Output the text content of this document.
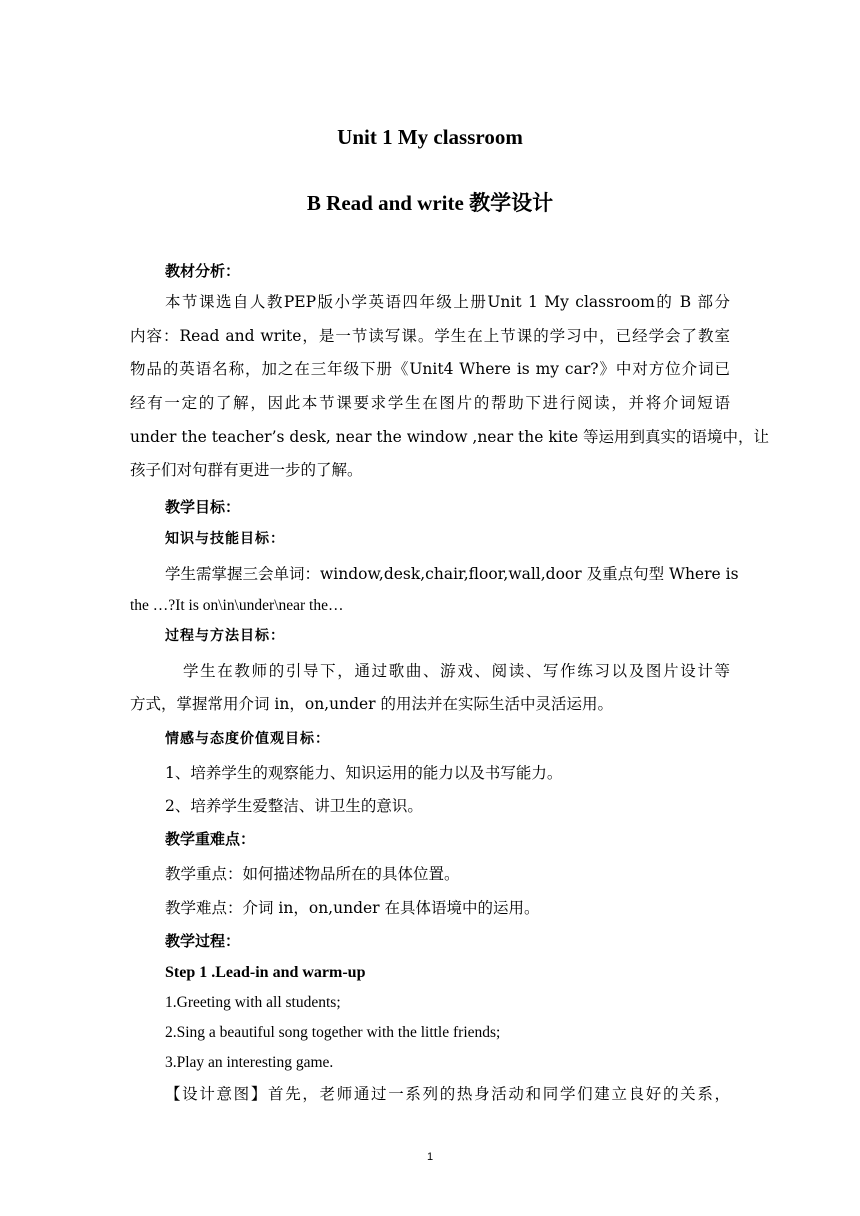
Unit 1 My classroom
B Read and write 教学设计
教材分析：
本节课选自人教PEP版小学英语四年级上册Unit 1 My classroom的 B 部分
内容：Read and write，是一节读写课。学生在上节课的学习中，已经学会了教室
物品的英语名称，加之在三年级下册《Unit4 Where is my car?》中对方位介词已
经有一定的了解，因此本节课要求学生在图片的帮助下进行阅读，并将介词短语
under the teacher’s desk, near the window ,near the kite 等运用到真实的语境中，让
孩子们对句群有更进一步的了解。
教学目标：
知识与技能目标：
学生需掌握三会单词：window,desk,chair,floor,wall,door 及重点句型 Where is
the …?It is on\in\under\near the…
过程与方法目标：
学生在教师的引导下，通过歌曲、游戏、阅读、写作练习以及图片设计等
方式，掌握常用介词 in，on,under 的用法并在实际生活中灵活运用。
情感与态度价值观目标：
1、培养学生的观察能力、知识运用的能力以及书写能力。
2、培养学生爱整洁、讲卫生的意识。
教学重难点：
教学重点：如何描述物品所在的具体位置。
教学难点：介词 in，on,under 在具体语境中的运用。
教学过程：
Step 1 .Lead-in and warm-up
1.Greeting with all students;
2.Sing a beautiful song together with the little friends;
3.Play an interesting game.
【设计意图】首先，老师通过一系列的热身活动和同学们建立良好的关系，
1
